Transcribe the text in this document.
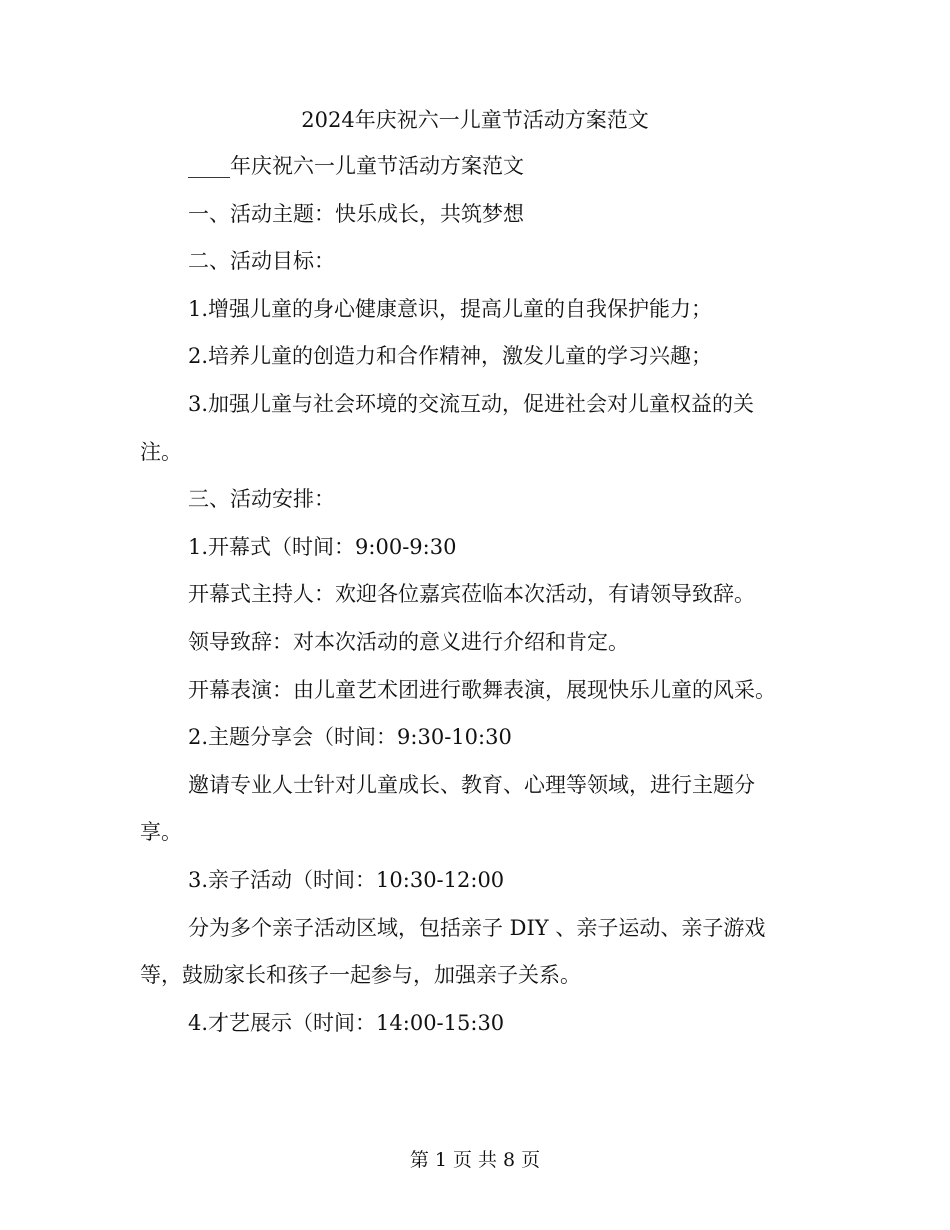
2024年庆祝六一儿童节活动方案范文

____年庆祝六一儿童节活动方案范文

一、活动主题：快乐成长，共筑梦想

二、活动目标：

1.增强儿童的身心健康意识，提高儿童的自我保护能力；

2.培养儿童的创造力和合作精神，激发儿童的学习兴趣；

3.加强儿童与社会环境的交流互动，促进社会对儿童权益的关

注。

三、活动安排：

1.开幕式（时间：9:00-9:30

开幕式主持人：欢迎各位嘉宾莅临本次活动，有请领导致辞。

领导致辞：对本次活动的意义进行介绍和肯定。

开幕表演：由儿童艺术团进行歌舞表演，展现快乐儿童的风采。

2.主题分享会（时间：9:30-10:30

邀请专业人士针对儿童成长、教育、心理等领域，进行主题分

享。

3.亲子活动（时间：10:30-12:00

分为多个亲子活动区域，包括亲子 DIY 、亲子运动、亲子游戏

等，鼓励家长和孩子一起参与，加强亲子关系。

4.才艺展示（时间：14:00-15:30

第 1 页 共 8 页
